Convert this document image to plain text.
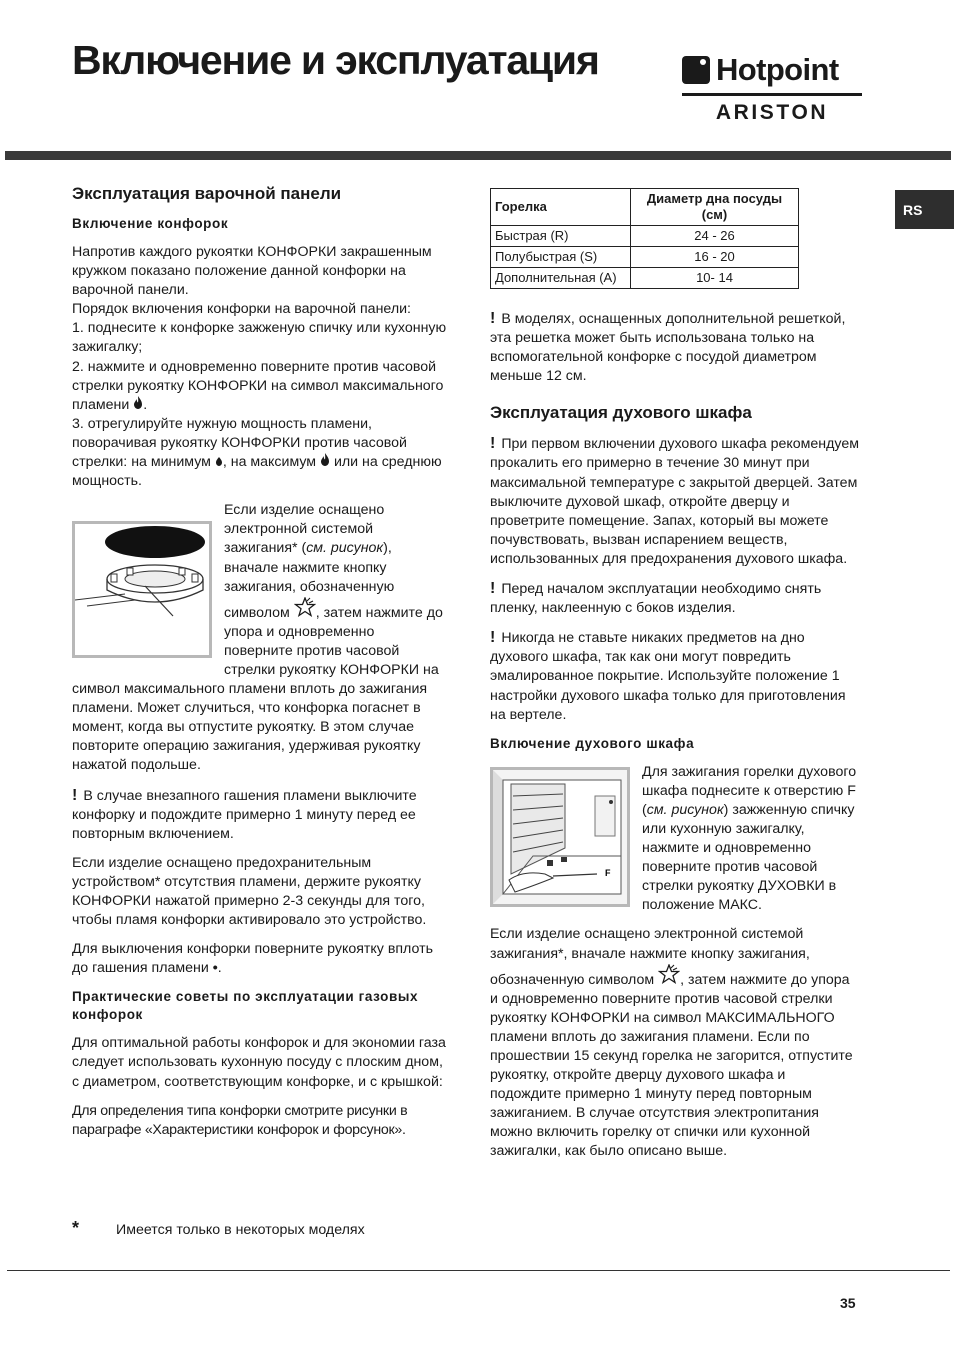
Включение и эксплуатация	Hotpoint
ARISTON
RS
Эксплуатация варочной панели
Включение конфорок

Напротив каждого рукоятки КОНФОРКИ закрашенным кружком показано положение данной конфорки на варочной панели.
Порядок включения конфорки на варочной панели:
1. поднесите к конфорке зажженую спичку или кухонную зажигалку;
2. нажмите и одновременно поверните против часовой стрелки рукоятку КОНФОРКИ на символ максимального пламени .
3. отрегулируйте нужную мощность пламени, поворачивая рукоятку КОНФОРКИ против часовой стрелки: на минимум , на максимум или на среднюю мощность.

Если изделие оснащено электронной системой зажигания* (см. рисунок), вначале нажмите кнопку зажигания, обозначенную символом , затем нажмите до упора и одновременно поверните против часовой стрелки рукоятку КОНФОРКИ на символ максимального пламени вплоть до зажигания пламени. Может случиться, что конфорка погаснет в момент, когда вы отпустите рукоятку. В этом случае повторите операцию зажигания, удерживая рукоятку нажатой подольше.

! В случае внезапного гашения пламени выключите конфорку и подождите примерно 1 минуту перед ее повторным включением.

Если изделие оснащено предохранительным устройством* отсутствия пламени, держите рукоятку КОНФОРКИ нажатой примерно 2-3 секунды для того, чтобы пламя конфорки активировало это устройство.

Для выключения конфорки поверните рукоятку вплоть до гашения пламени •.

Практические советы по эксплуатации газовых конфорок

Для оптимальной работы конфорок и для экономии газа следует использовать кухонную посуду с плоским дном, с диаметром, соответствующим конфорке, и с крышкой:

Для определения типа конфорки смотрите рисунки в параграфе «Характеристики конфорок и форсунок».

*	Имеется только в некоторых моделях
Горелка	Диаметр дна посуды (см)
Быстрая (R)	24 - 26
Полубыстрая (S)	16 - 20
Дополнительная (A)	10- 14

! В моделях, оснащенных дополнительной решеткой, эта решетка может быть использована только на вспомогательной конфорке с посудой диаметром меньше 12 см.

Эксплуатация духового шкафа

! При первом включении духового шкафа рекомендуем прокалить его примерно в течение 30 минут при максимальной температуре с закрытой дверцей. Затем выключите духовой шкаф, откройте дверцу и проветрите помещение. Запах, который вы можете почувствовать, вызван испарением веществ, использованных для предохранения духового шкафа.

! Перед началом эксплуатации необходимо снять пленку, наклеенную с боков изделия.

! Никогда не ставьте никаких предметов на дно духового шкафа, так как они могут повредить эмалированное покрытие. Используйте положение 1 настройки духового шкафа только для приготовления на вертеле.

Включение духового шкафа

F
Для зажигания горелки духового шкафа поднесите к отверстию F (см. рисунок) зажженную спичку или кухонную зажигалку, нажмите и одновременно поверните против часовой стрелки рукоятку ДУХОВКИ в положение МАКС.

Если изделие оснащено электронной системой зажигания*, вначале нажмите кнопку зажигания, обозначенную символом , затем нажмите до упора и одновременно поверните против часовой стрелки рукоятку КОНФОРКИ на символ МАКСИМАЛЬНОГО пламени вплоть до зажигания пламени. Если по прошествии 15 секунд горелка не загорится, отпустите рукоятку, откройте дверцу духового шкафа и подождите примерно 1 минуту перед повторным зажиганием. В случае отсутствия электропитания можно включить горелку от спички или кухонной зажигалки, как было описано выше.

35
